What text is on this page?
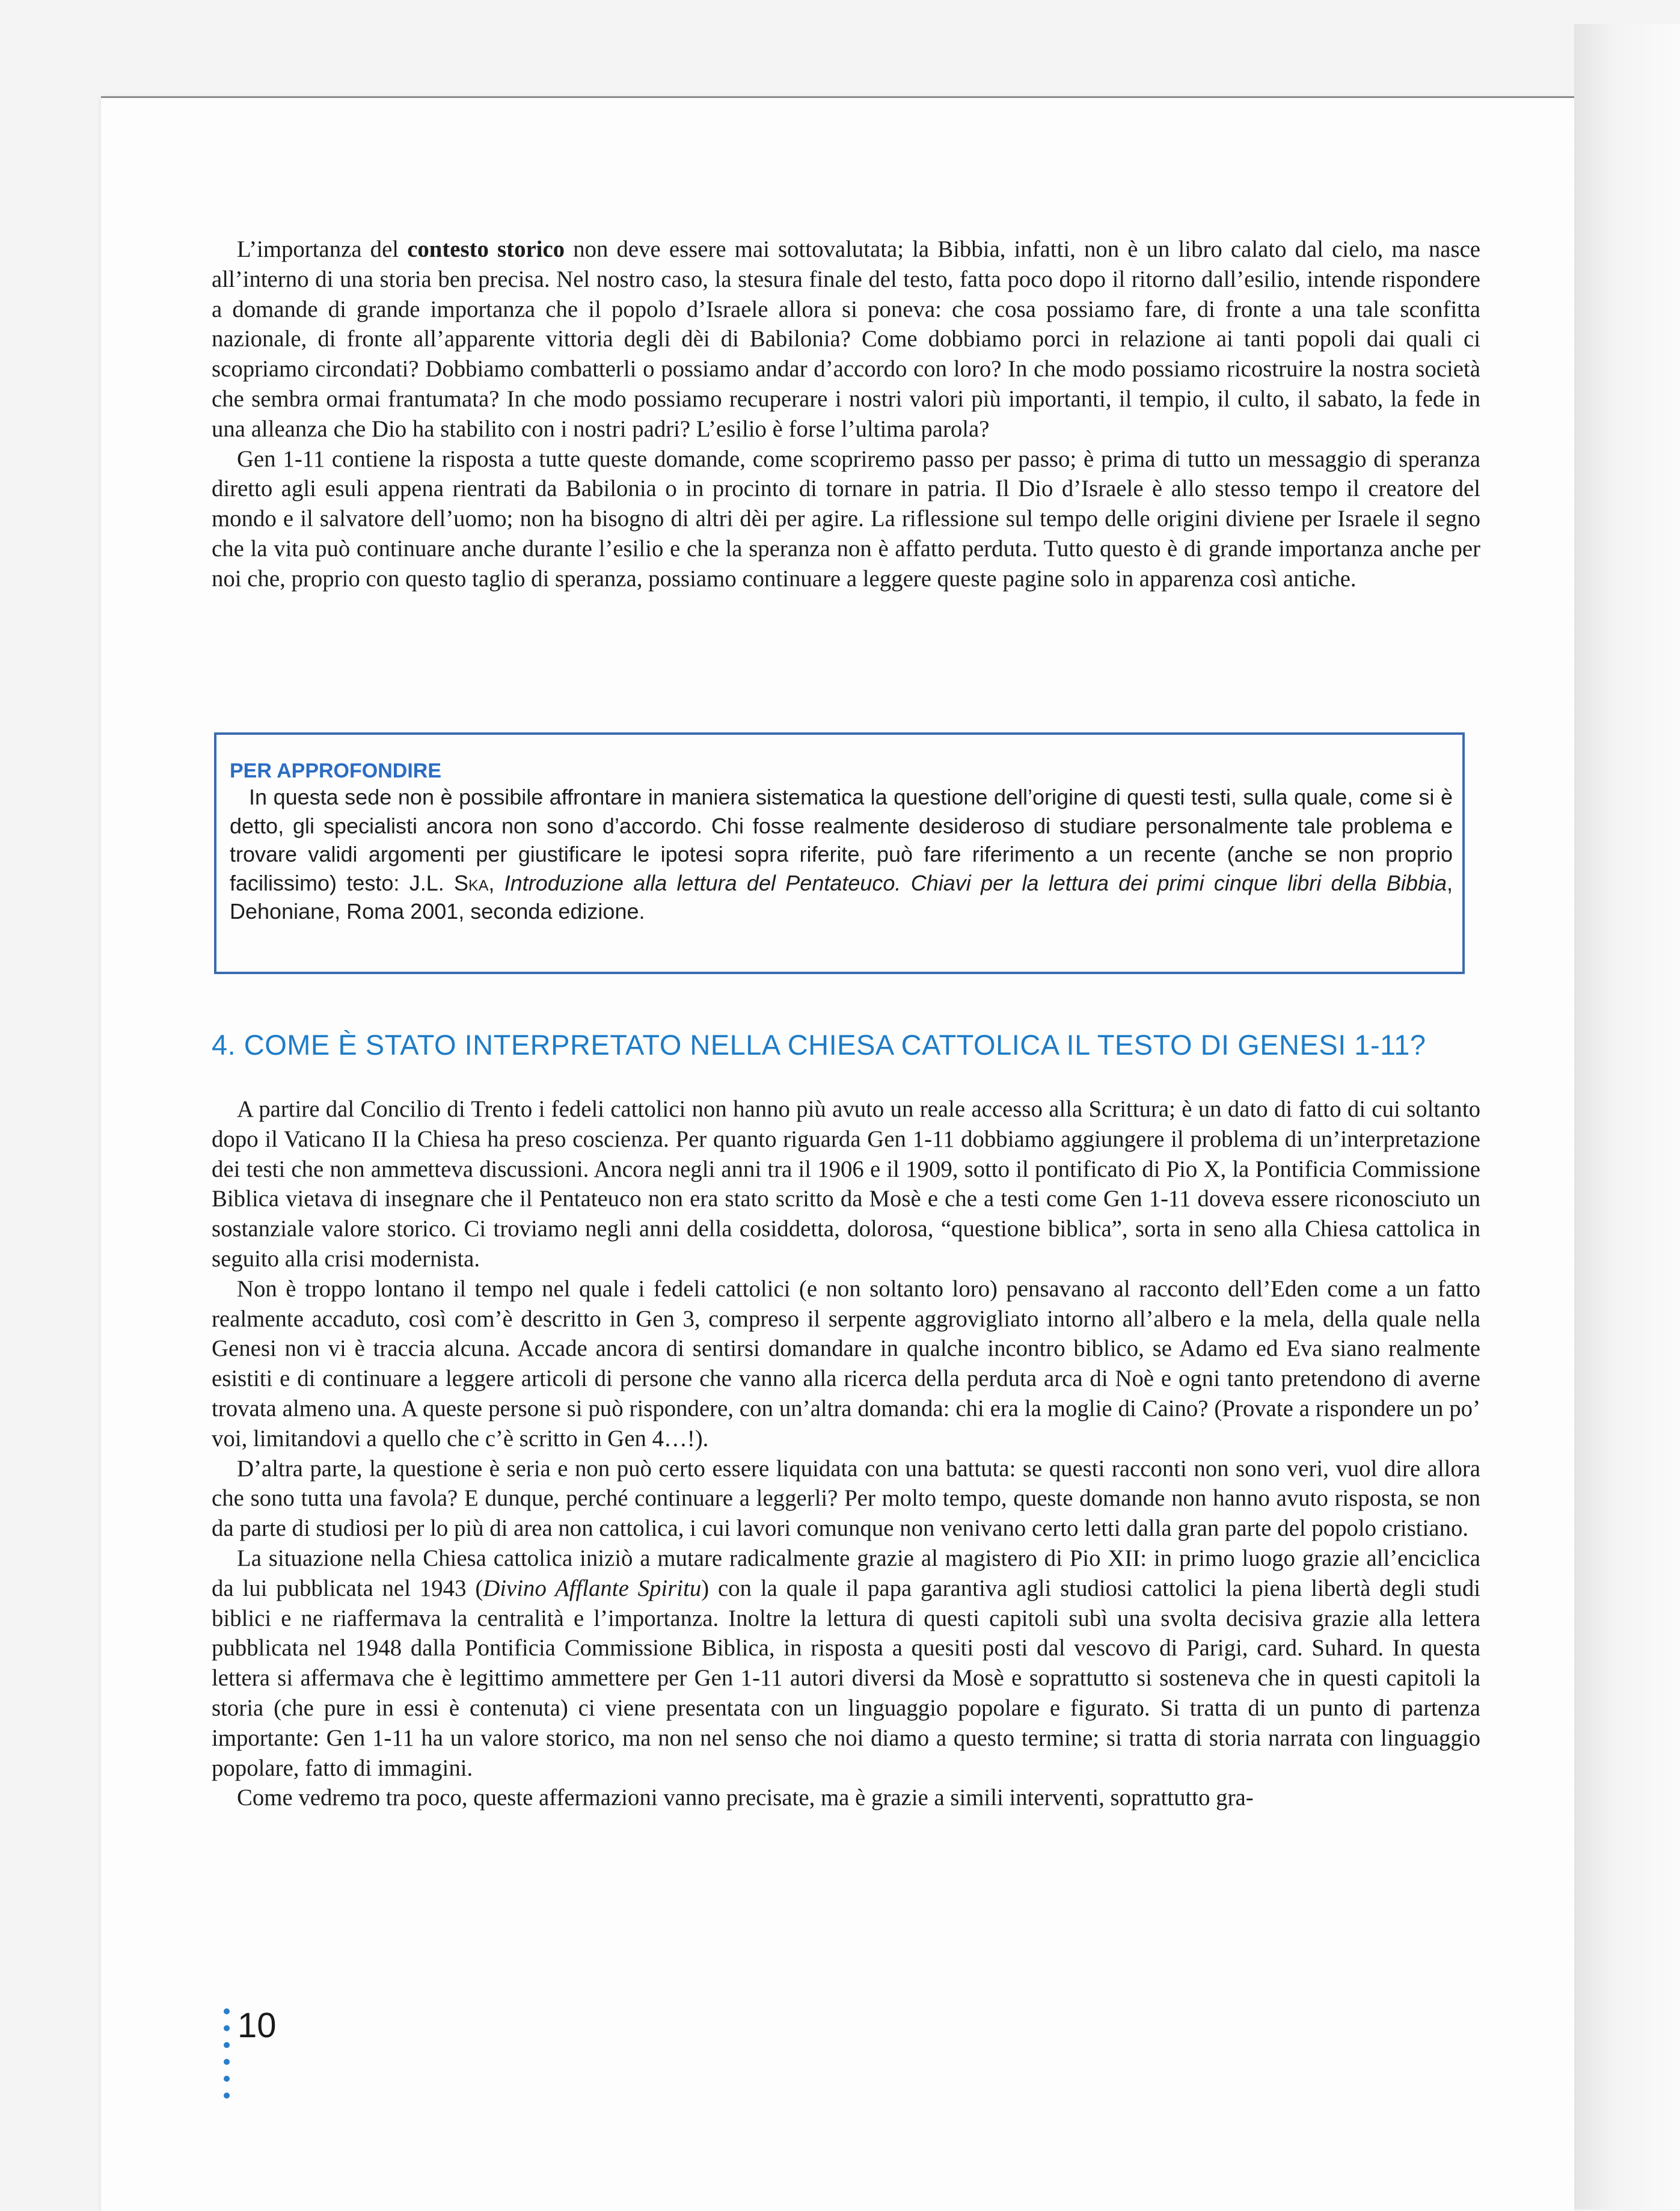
L’importanza del contesto storico non deve essere mai sottovalutata; la Bibbia, infatti, non è un libro calato dal cielo, ma nasce all’interno di una storia ben precisa. Nel nostro caso, la stesura finale del testo, fatta poco dopo il ritorno dall’esilio, intende rispondere a domande di grande importanza che il popolo d’Israele allora si poneva: che cosa possiamo fare, di fronte a una tale sconfitta nazionale, di fronte all’apparente vittoria degli dèi di Babilonia? Come dobbiamo porci in relazione ai tanti popoli dai quali ci scopriamo circondati? Dobbiamo combatterli o possiamo andar d’accordo con loro? In che modo possiamo ricostruire la nostra società che sembra ormai frantumata? In che modo possiamo recuperare i nostri valori più importanti, il tempio, il culto, il sabato, la fede in una alleanza che Dio ha stabilito con i nostri padri? L’esilio è forse l’ultima parola?

Gen 1-11 contiene la risposta a tutte queste domande, come scopriremo passo per passo; è prima di tutto un messaggio di speranza diretto agli esuli appena rientrati da Babilonia o in procinto di tornare in patria. Il Dio d’Israele è allo stesso tempo il creatore del mondo e il salvatore dell’uomo; non ha bisogno di altri dèi per agire. La riflessione sul tempo delle origini diviene per Israele il segno che la vita può continuare anche durante l’esilio e che la speranza non è affatto perduta. Tutto questo è di grande importanza anche per noi che, proprio con questo taglio di speranza, possiamo continuare a leggere queste pagine solo in apparenza così antiche.

PER APPROFONDIRE
In questa sede non è possibile affrontare in maniera sistematica la questione dell’origine di questi testi, sulla quale, come si è detto, gli specialisti ancora non sono d’accordo. Chi fosse realmente desideroso di studiare personalmente tale problema e trovare validi argomenti per giustificare le ipotesi sopra riferite, può fare riferimento a un recente (anche se non proprio facilissimo) testo: J.L. Ska, Introduzione alla lettura del Pentateuco. Chiavi per la lettura dei primi cinque libri della Bibbia, Dehoniane, Roma 2001, seconda edizione.
4. COME È STATO INTERPRETATO NELLA CHIESA CATTOLICA IL TESTO DI GENESI 1-11?

A partire dal Concilio di Trento i fedeli cattolici non hanno più avuto un reale accesso alla Scrittura; è un dato di fatto di cui soltanto dopo il Vaticano II la Chiesa ha preso coscienza. Per quanto riguarda Gen 1-11 dobbiamo aggiungere il problema di un’interpretazione dei testi che non ammetteva discussioni. Ancora negli anni tra il 1906 e il 1909, sotto il pontificato di Pio X, la Pontificia Commissione Biblica vietava di insegnare che il Pentateuco non era stato scritto da Mosè e che a testi come Gen 1-11 doveva essere riconosciuto un sostanziale valore storico. Ci troviamo negli anni della cosiddetta, dolorosa, “questione biblica”, sorta in seno alla Chiesa cattolica in seguito alla crisi modernista.

Non è troppo lontano il tempo nel quale i fedeli cattolici (e non soltanto loro) pensavano al racconto dell’Eden come a un fatto realmente accaduto, così com’è descritto in Gen 3, compreso il serpente aggrovigliato intorno all’albero e la mela, della quale nella Genesi non vi è traccia alcuna. Accade ancora di sentirsi domandare in qualche incontro biblico, se Adamo ed Eva siano realmente esistiti e di continuare a leggere articoli di persone che vanno alla ricerca della perduta arca di Noè e ogni tanto pretendono di averne trovata almeno una. A queste persone si può rispondere, con un’altra domanda: chi era la moglie di Caino? (Provate a rispondere un po’ voi, limitandovi a quello che c’è scritto in Gen 4…!).

D’altra parte, la questione è seria e non può certo essere liquidata con una battuta: se questi racconti non sono veri, vuol dire allora che sono tutta una favola? E dunque, perché continuare a leggerli? Per molto tempo, queste domande non hanno avuto risposta, se non da parte di studiosi per lo più di area non cattolica, i cui lavori comunque non venivano certo letti dalla gran parte del popolo cristiano.

La situazione nella Chiesa cattolica iniziò a mutare radicalmente grazie al magistero di Pio XII: in primo luogo grazie all’enciclica da lui pubblicata nel 1943 (Divino Afflante Spiritu) con la quale il papa garantiva agli studiosi cattolici la piena libertà degli studi biblici e ne riaffermava la centralità e l’importanza. Inoltre la lettura di questi capitoli subì una svolta decisiva grazie alla lettera pubblicata nel 1948 dalla Pontificia Commissione Biblica, in risposta a quesiti posti dal vescovo di Parigi, card. Suhard. In questa lettera si affermava che è legittimo ammettere per Gen 1-11 autori diversi da Mosè e soprattutto si sosteneva che in questi capitoli la storia (che pure in essi è contenuta) ci viene presentata con un linguaggio popolare e figurato. Si tratta di un punto di partenza importante: Gen 1-11 ha un valore storico, ma non nel senso che noi diamo a questo termine; si tratta di storia narrata con linguaggio popolare, fatto di immagini.

Come vedremo tra poco, queste affermazioni vanno precisate, ma è grazie a simili interventi, soprattutto gra-

10
